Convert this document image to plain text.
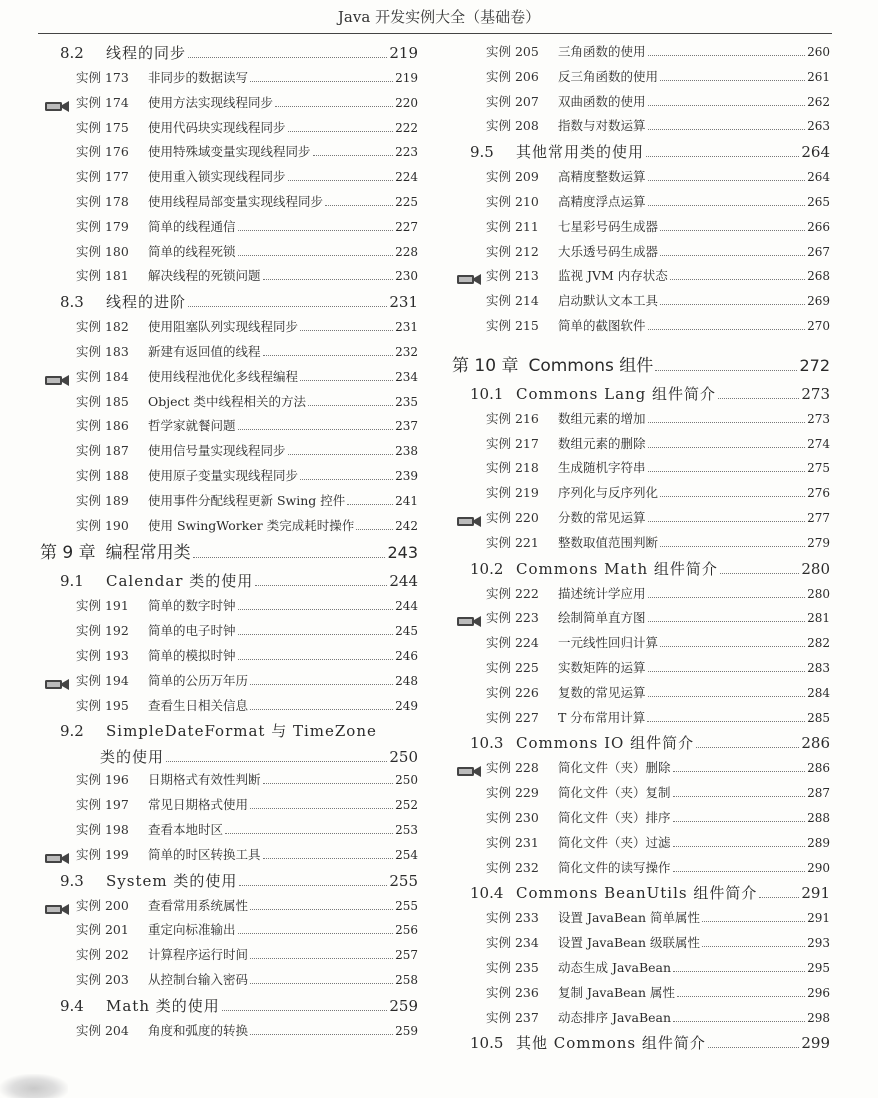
Java 开发实例大全（基础卷）
8.2	线程的同步	219
实例 173	非同步的数据读写	219
实例 174	使用方法实现线程同步	220
实例 175	使用代码块实现线程同步	222
实例 176	使用特殊域变量实现线程同步	223
实例 177	使用重入锁实现线程同步	224
实例 178	使用线程局部变量实现线程同步	225
实例 179	简单的线程通信	227
实例 180	简单的线程死锁	228
实例 181	解决线程的死锁问题	230
8.3	线程的进阶	231
实例 182	使用阻塞队列实现线程同步	231
实例 183	新建有返回值的线程	232
实例 184	使用线程池优化多线程编程	234
实例 185	Object 类中线程相关的方法	235
实例 186	哲学家就餐问题	237
实例 187	使用信号量实现线程同步	238
实例 188	使用原子变量实现线程同步	239
实例 189	使用事件分配线程更新 Swing 控件	241
实例 190	使用 SwingWorker 类完成耗时操作	242
第 9 章 编程常用类	243
9.1	Calendar 类的使用	244
实例 191	简单的数字时钟	244
实例 192	简单的电子时钟	245
实例 193	简单的模拟时钟	246
实例 194	简单的公历万年历	248
实例 195	查看生日相关信息	249
9.2	SimpleDateFormat 与 TimeZone
类的使用	250
实例 196	日期格式有效性判断	250
实例 197	常见日期格式使用	252
实例 198	查看本地时区	253
实例 199	简单的时区转换工具	254
9.3	System 类的使用	255
实例 200	查看常用系统属性	255
实例 201	重定向标准输出	256
实例 202	计算程序运行时间	257
实例 203	从控制台输入密码	258
9.4	Math 类的使用	259
实例 204	角度和弧度的转换	259
实例 205	三角函数的使用	260
实例 206	反三角函数的使用	261
实例 207	双曲函数的使用	262
实例 208	指数与对数运算	263
9.5	其他常用类的使用	264
实例 209	高精度整数运算	264
实例 210	高精度浮点运算	265
实例 211	七星彩号码生成器	266
实例 212	大乐透号码生成器	267
实例 213	监视 JVM 内存状态	268
实例 214	启动默认文本工具	269
实例 215	简单的截图软件	270
第 10 章 Commons 组件	272
10.1 Commons Lang 组件简介	273
实例 216	数组元素的增加	273
实例 217	数组元素的删除	274
实例 218	生成随机字符串	275
实例 219	序列化与反序列化	276
实例 220	分数的常见运算	277
实例 221	整数取值范围判断	279
10.2 Commons Math 组件简介	280
实例 222	描述统计学应用	280
实例 223	绘制简单直方图	281
实例 224	一元线性回归计算	282
实例 225	实数矩阵的运算	283
实例 226	复数的常见运算	284
实例 227	T 分布常用计算	285
10.3 Commons IO 组件简介	286
实例 228	简化文件（夹）删除	286
实例 229	简化文件（夹）复制	287
实例 230	简化文件（夹）排序	288
实例 231	简化文件（夹）过滤	289
实例 232	简化文件的读写操作	290
10.4 Commons BeanUtils 组件简介	291
实例 233	设置 JavaBean 简单属性	291
实例 234	设置 JavaBean 级联属性	293
实例 235	动态生成 JavaBean	295
实例 236	复制 JavaBean 属性	296
实例 237	动态排序 JavaBean	298
10.5 其他 Commons 组件简介	299
